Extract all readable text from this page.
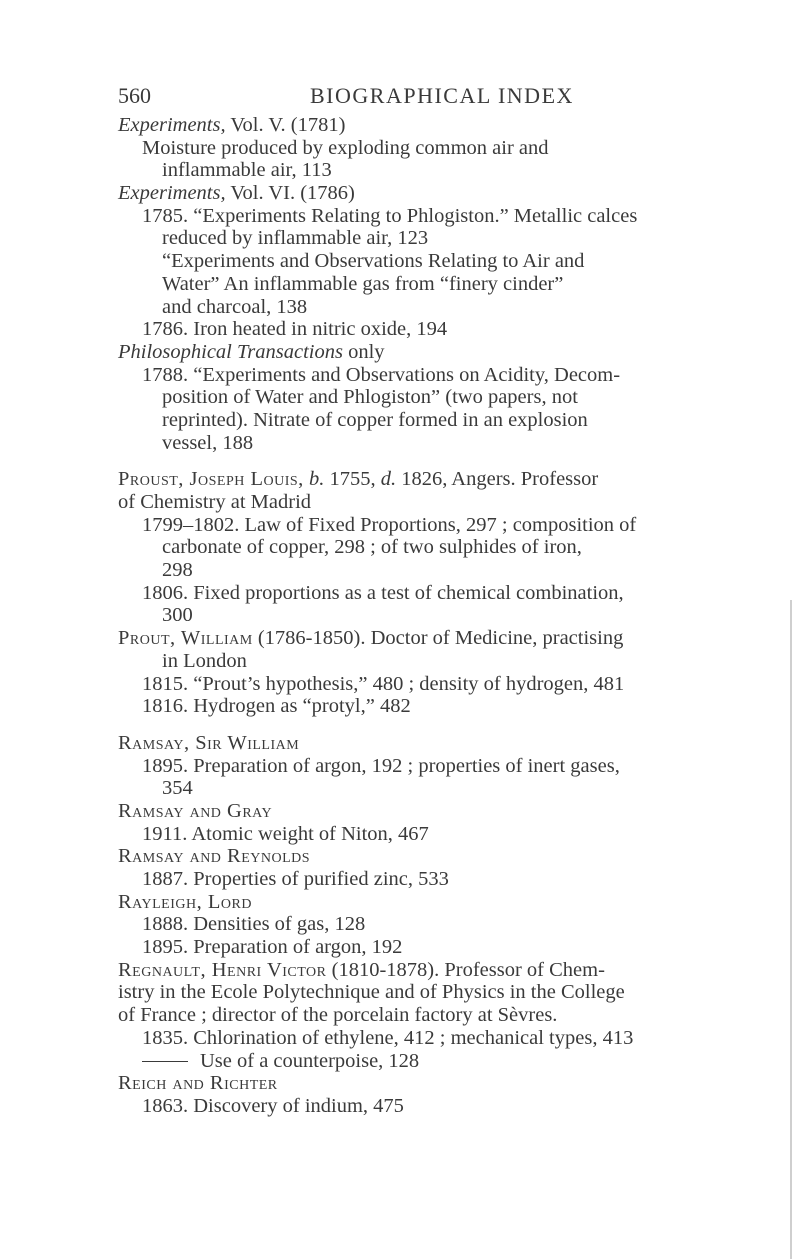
560	BIOGRAPHICAL INDEX
Experiments, Vol. V. (1781)
Moisture produced by exploding common air and
inflammable air, 113
Experiments, Vol. VI. (1786)
1785. “Experiments Relating to Phlogiston.” Metallic calces
reduced by inflammable air, 123
“Experiments and Observations Relating to Air and
Water” An inflammable gas from “finery cinder”
and charcoal, 138
1786. Iron heated in nitric oxide, 194
Philosophical Transactions only
1788. “Experiments and Observations on Acidity, Decom-
position of Water and Phlogiston” (two papers, not
reprinted). Nitrate of copper formed in an explosion
vessel, 188
Proust, Joseph Louis, b. 1755, d. 1826, Angers. Professor
of Chemistry at Madrid
1799–1802. Law of Fixed Proportions, 297 ; composition of
carbonate of copper, 298 ; of two sulphides of iron,
298
1806. Fixed proportions as a test of chemical combination,
300
Prout, William (1786-1850). Doctor of Medicine, practising
in London
1815. “Prout’s hypothesis,” 480 ; density of hydrogen, 481
1816. Hydrogen as “protyl,” 482
Ramsay, Sir William
1895. Preparation of argon, 192 ; properties of inert gases,
354
Ramsay and Gray
1911. Atomic weight of Niton, 467
Ramsay and Reynolds
1887. Properties of purified zinc, 533
Rayleigh, Lord
1888. Densities of gas, 128
1895. Preparation of argon, 192
Regnault, Henri Victor (1810-1878). Professor of Chem-
istry in the Ecole Polytechnique and of Physics in the College
of France ; director of the porcelain factory at Sèvres.
1835. Chlorination of ethylene, 412 ; mechanical types, 413
Use of a counterpoise, 128
Reich and Richter
1863. Discovery of indium, 475
